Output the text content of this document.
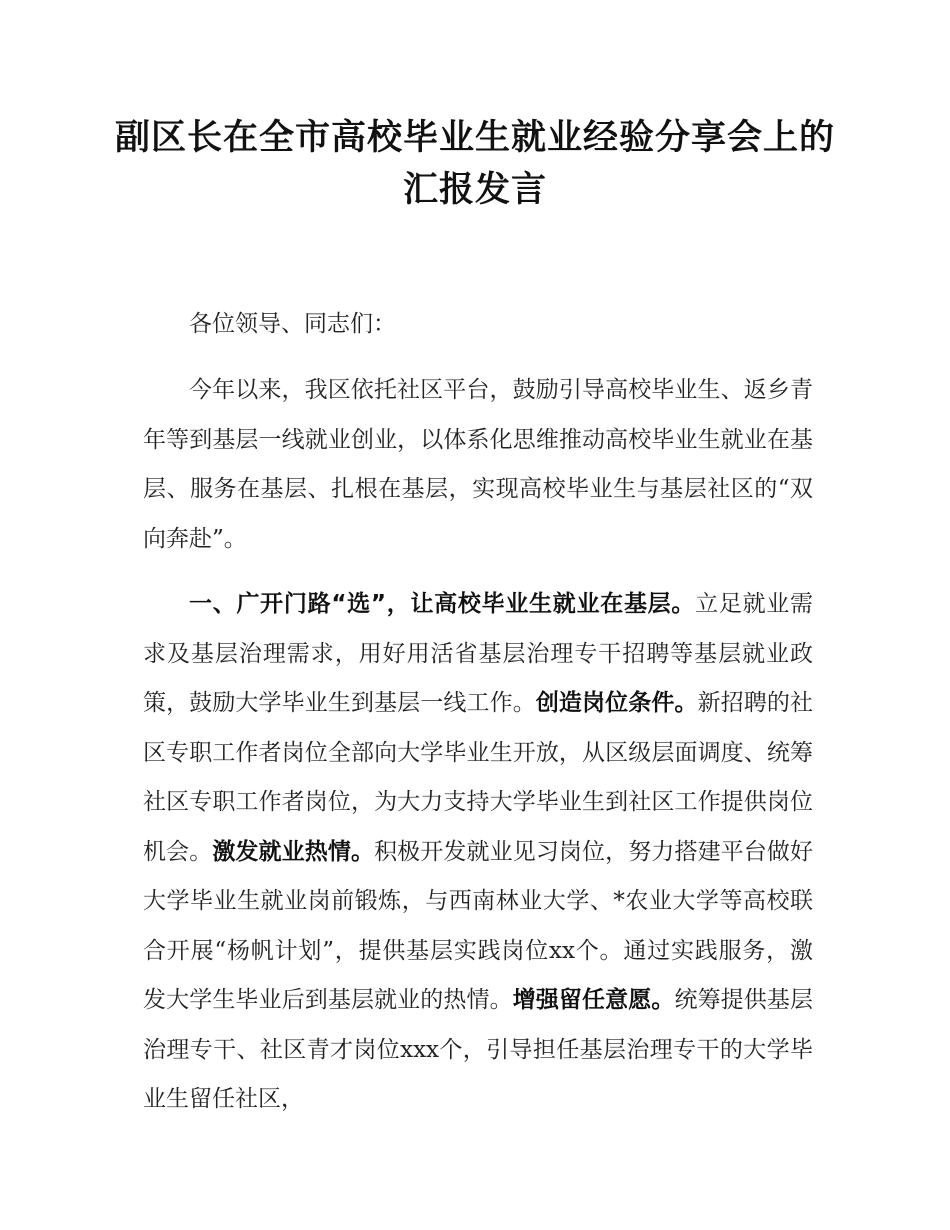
副区长在全市高校毕业生就业经验分享会上的汇报发言

各位领导、同志们：

今年以来，我区依托社区平台，鼓励引导高校毕业生、返乡青年等到基层一线就业创业，以体系化思维推动高校毕业生就业在基层、服务在基层、扎根在基层，实现高校毕业生与基层社区的“双向奔赴”。

一、广开门路“选”，让高校毕业生就业在基层。立足就业需求及基层治理需求，用好用活省基层治理专干招聘等基层就业政策，鼓励大学毕业生到基层一线工作。创造岗位条件。新招聘的社区专职工作者岗位全部向大学毕业生开放，从区级层面调度、统筹社区专职工作者岗位，为大力支持大学毕业生到社区工作提供岗位机会。激发就业热情。积极开发就业见习岗位，努力搭建平台做好大学毕业生就业岗前锻炼，与西南林业大学、*农业大学等高校联合开展“杨帆计划”，提供基层实践岗位xx个。通过实践服务，激发大学生毕业后到基层就业的热情。增强留任意愿。统筹提供基层治理专干、社区青才岗位xxx个，引导担任基层治理专干的大学毕业生留任社区，
